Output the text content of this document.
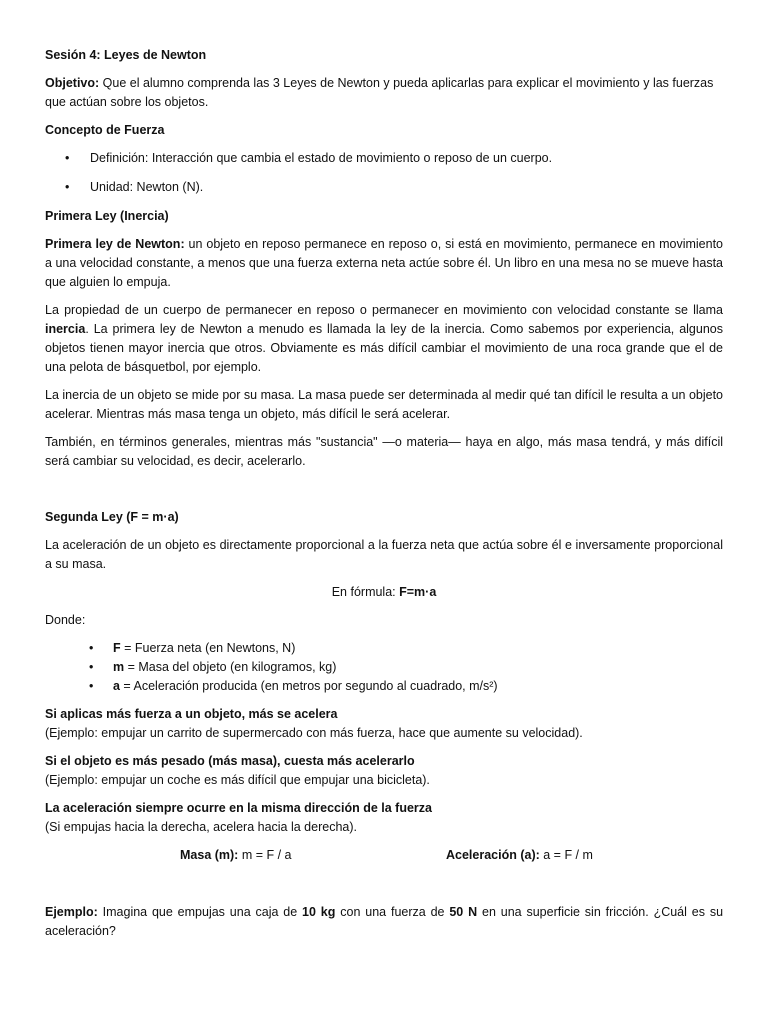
Sesión 4: Leyes de Newton

Objetivo: Que el alumno comprenda las 3 Leyes de Newton y pueda aplicarlas para explicar el movimiento y las fuerzas que actúan sobre los objetos.

Concepto de Fuerza

• Definición: Interacción que cambia el estado de movimiento o reposo de un cuerpo.
• Unidad: Newton (N).

Primera Ley (Inercia)

Primera ley de Newton: un objeto en reposo permanece en reposo o, si está en movimiento, permanece en movimiento a una velocidad constante, a menos que una fuerza externa neta actúe sobre él. Un libro en una mesa no se mueve hasta que alguien lo empuja.

La propiedad de un cuerpo de permanecer en reposo o permanecer en movimiento con velocidad constante se llama inercia. La primera ley de Newton a menudo es llamada la ley de la inercia. Como sabemos por experiencia, algunos objetos tienen mayor inercia que otros. Obviamente es más difícil cambiar el movimiento de una roca grande que el de una pelota de básquetbol, por ejemplo.

La inercia de un objeto se mide por su masa. La masa puede ser determinada al medir qué tan difícil le resulta a un objeto acelerar. Mientras más masa tenga un objeto, más difícil le será acelerar.

También, en términos generales, mientras más "sustancia" —o materia— haya en algo, más masa tendrá, y más difícil será cambiar su velocidad, es decir, acelerarlo.

Segunda Ley (F = m·a)

La aceleración de un objeto es directamente proporcional a la fuerza neta que actúa sobre él e inversamente proporcional a su masa.

En fórmula: F=m·a

Donde:

• F = Fuerza neta (en Newtons, N)
• m = Masa del objeto (en kilogramos, kg)
• a = Aceleración producida (en metros por segundo al cuadrado, m/s²)

Si aplicas más fuerza a un objeto, más se acelera

(Ejemplo: empujar un carrito de supermercado con más fuerza, hace que aumente su velocidad).

Si el objeto es más pesado (más masa), cuesta más acelerarlo

(Ejemplo: empujar un coche es más difícil que empujar una bicicleta).

La aceleración siempre ocurre en la misma dirección de la fuerza

(Si empujas hacia la derecha, acelera hacia la derecha).

Masa (m): m = F / a	Aceleración (a): a = F / m

Ejemplo: Imagina que empujas una caja de 10 kg con una fuerza de 50 N en una superficie sin fricción. ¿Cuál es su aceleración?
